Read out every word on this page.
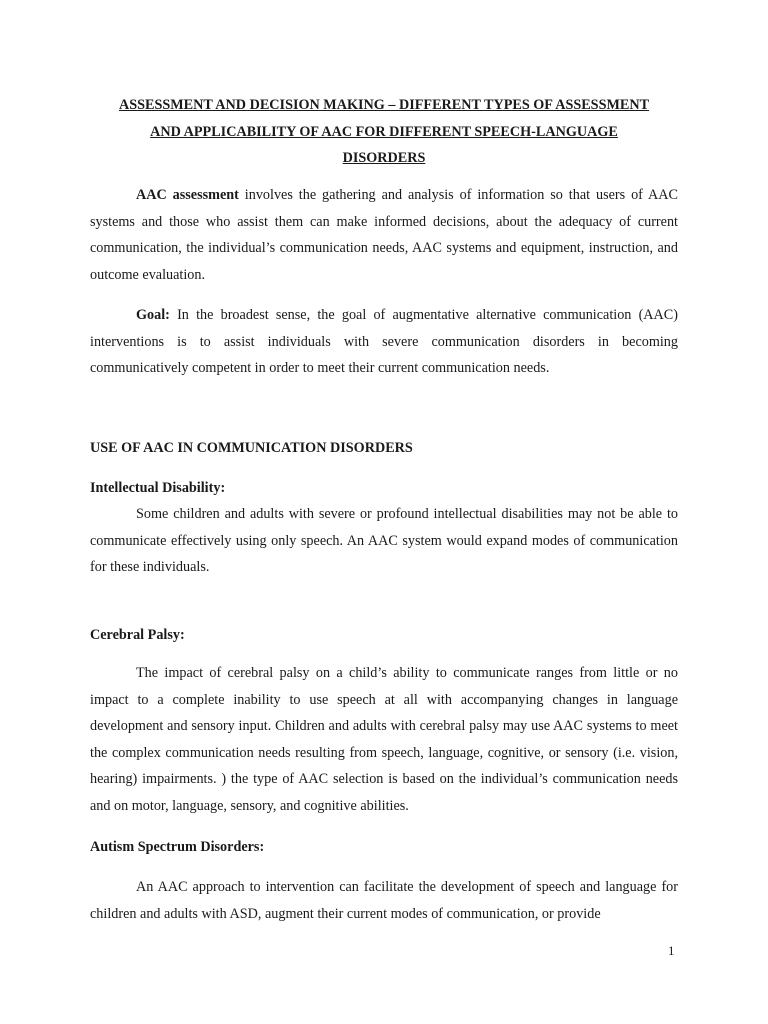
ASSESSMENT AND DECISION MAKING – DIFFERENT TYPES OF ASSESSMENT
AND APPLICABILITY OF AAC FOR DIFFERENT SPEECH-LANGUAGE
DISORDERS
AAC assessment involves the gathering and analysis of information so that users of AAC systems and those who assist them can make informed decisions, about the adequacy of current communication, the individual’s communication needs, AAC systems and equipment, instruction, and outcome evaluation.
Goal: In the broadest sense, the goal of augmentative alternative communication (AAC) interventions is to assist individuals with severe communication disorders in becoming communicatively competent in order to meet their current communication needs.
USE OF AAC IN COMMUNICATION DISORDERS
Intellectual Disability:
Some children and adults with severe or profound intellectual disabilities may not be able to communicate effectively using only speech. An AAC system would expand modes of communication for these individuals.
Cerebral Palsy:
The impact of cerebral palsy on a child’s ability to communicate ranges from little or no impact to a complete inability to use speech at all with accompanying changes in language development and sensory input. Children and adults with cerebral palsy may use AAC systems to meet the complex communication needs resulting from speech, language, cognitive, or sensory (i.e. vision, hearing) impairments. ) the type of AAC selection is based on the individual’s communication needs and on motor, language, sensory, and cognitive abilities.
Autism Spectrum Disorders:
An AAC approach to intervention can facilitate the development of speech and language for children and adults with ASD, augment their current modes of communication, or provide
1
